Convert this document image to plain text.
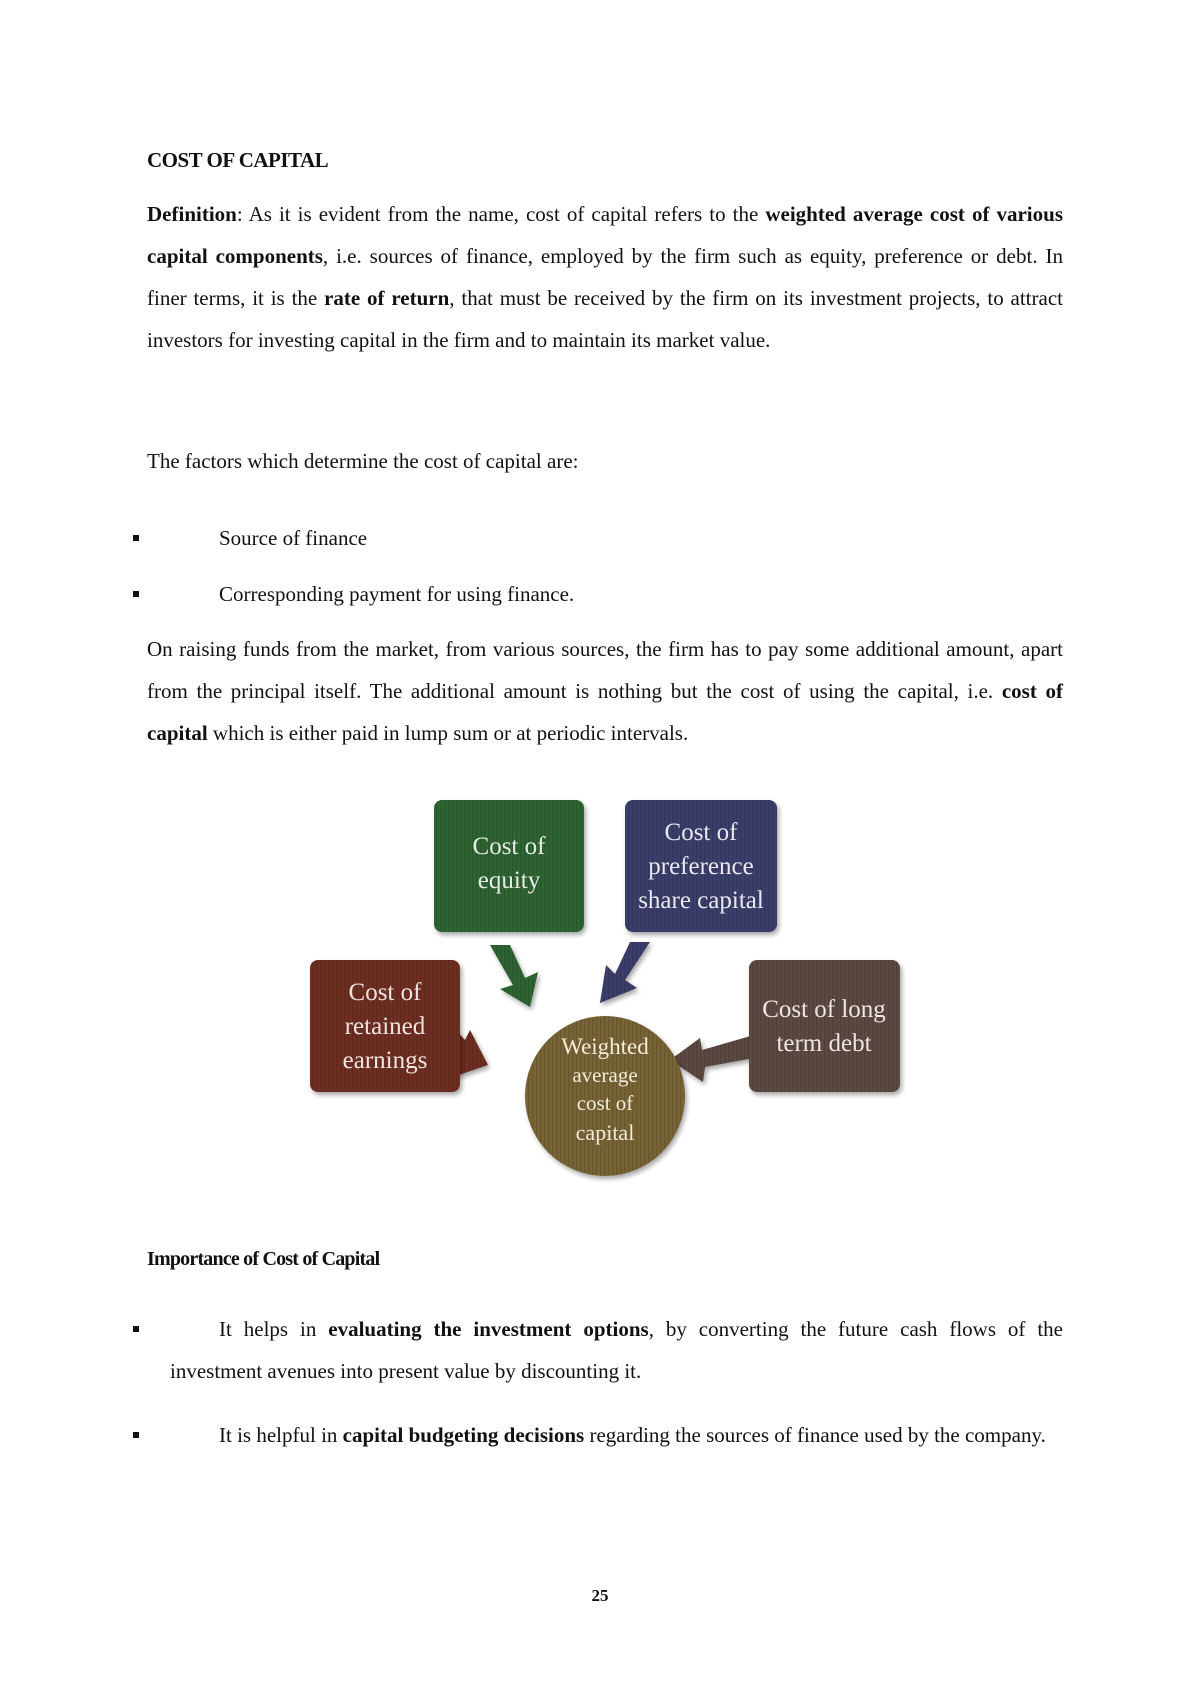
COST OF CAPITAL

Definition: As it is evident from the name, cost of capital refers to the weighted average cost of various capital components, i.e. sources of finance, employed by the firm such as equity, preference or debt. In finer terms, it is the rate of return, that must be received by the firm on its investment projects, to attract investors for investing capital in the firm and to maintain its market value.

The factors which determine the cost of capital are:

Source of finance
Corresponding payment for using finance.

On raising funds from the market, from various sources, the firm has to pay some additional amount, apart from the principal itself. The additional amount is nothing but the cost of using the capital, i.e. cost of capital which is either paid in lump sum or at periodic intervals.

Cost of
equity
Cost of
preference
share capital
Cost of
retained
earnings
Cost of long
term debt
Weighted
average
cost of
capital
Importance of Cost of Capital

It helps in evaluating the investment options, by converting the future cash flows of the investment avenues into present value by discounting it.

It is helpful in capital budgeting decisions regarding the sources of finance used by the company.

25
